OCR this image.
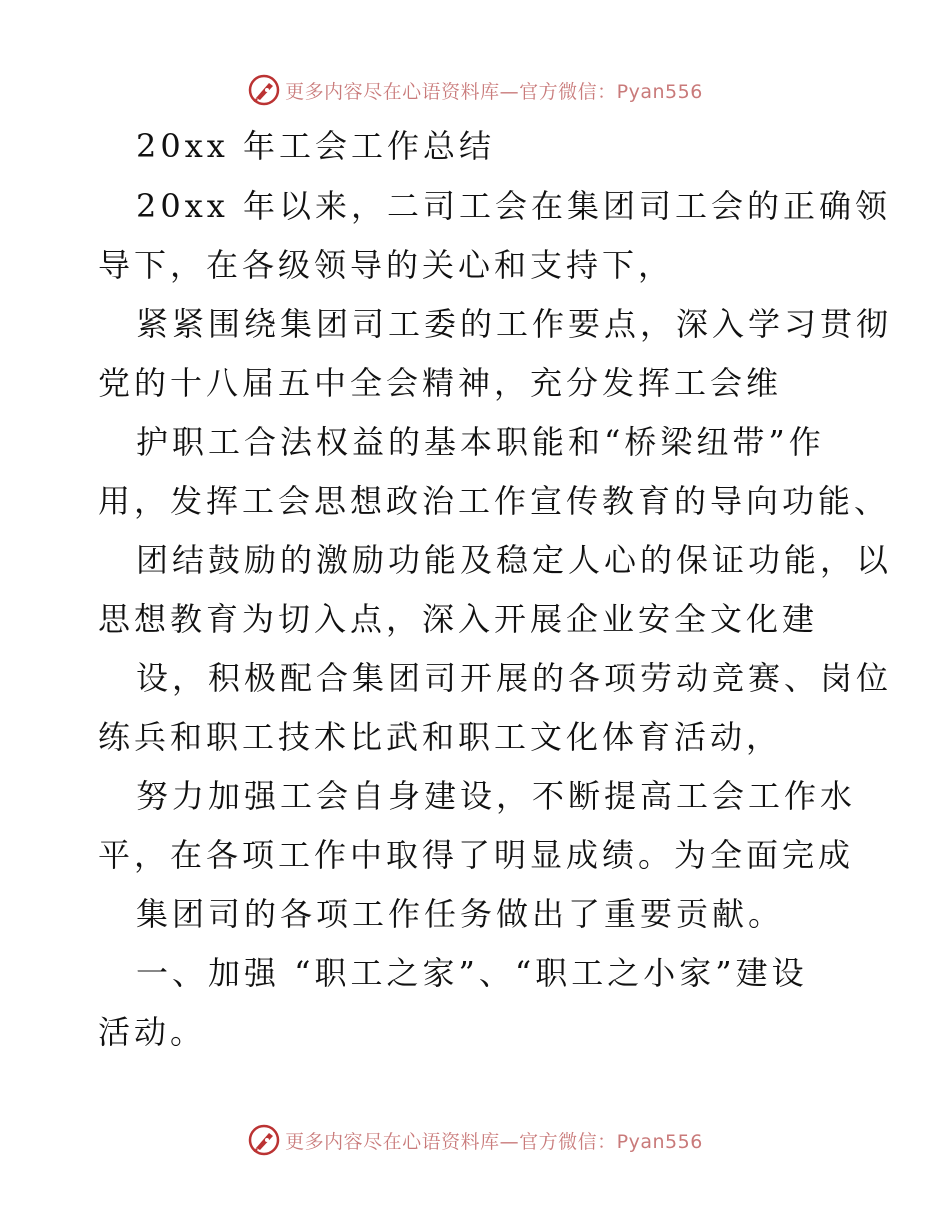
更多内容尽在心语资料库—官方微信：Pyan556
20xx 年工会工作总结
20xx 年以来，二司工会在集团司工会的正确领
导下，在各级领导的关心和支持下，
紧紧围绕集团司工委的工作要点，深入学习贯彻
党的十八届五中全会精神，充分发挥工会维
护职工合法权益的基本职能和“桥梁纽带”作
用，发挥工会思想政治工作宣传教育的导向功能、
团结鼓励的激励功能及稳定人心的保证功能，以
思想教育为切入点，深入开展企业安全文化建
设，积极配合集团司开展的各项劳动竞赛、岗位
练兵和职工技术比武和职工文化体育活动，
努力加强工会自身建设，不断提高工会工作水
平，在各项工作中取得了明显成绩。为全面完成
集团司的各项工作任务做出了重要贡献。
一、加强 “职工之家”、“职工之小家”建设
活动。
更多内容尽在心语资料库—官方微信：Pyan556
